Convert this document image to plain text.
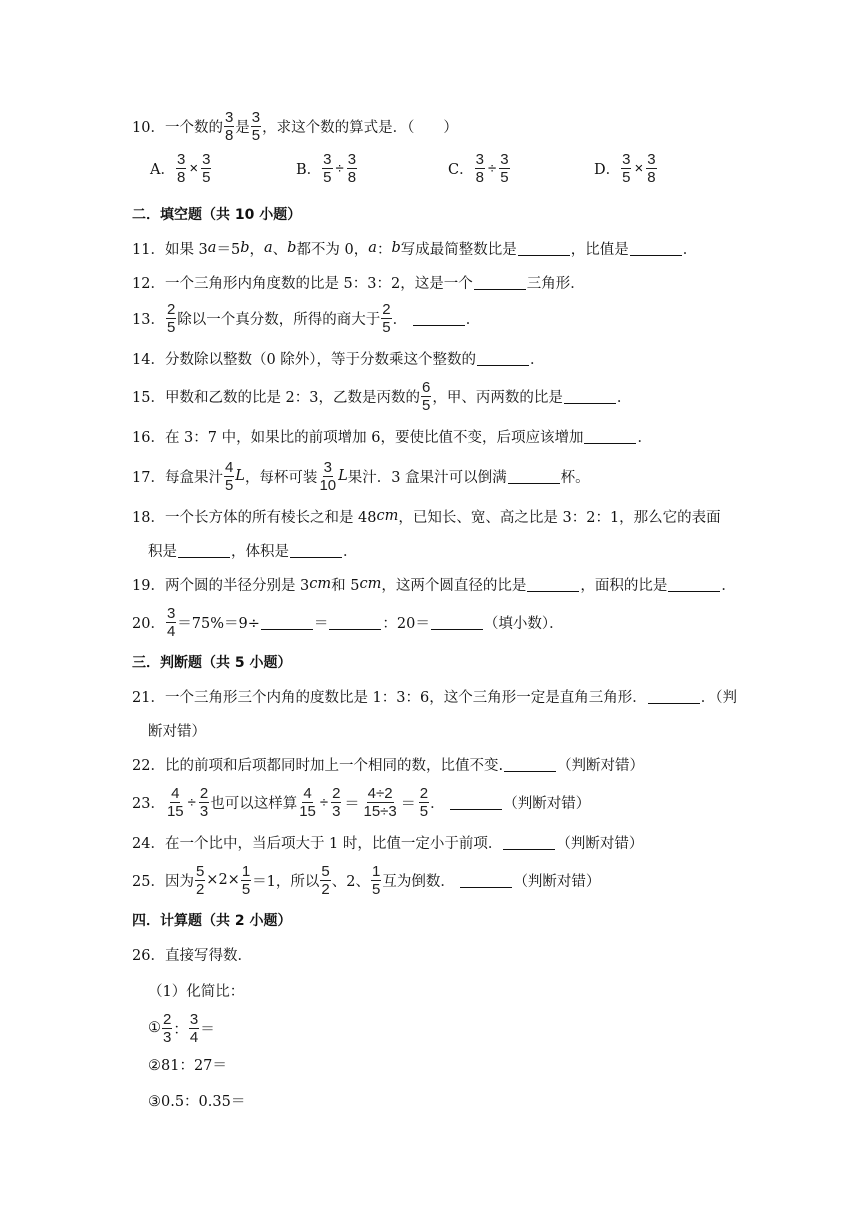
10．一个数的 $\frac{3}{8}$ 是 $\frac{3}{5}$ ，求这个数的算式是．（　　）
A． $\frac{3}{8} \times \frac{3}{5}$	B． $\frac{3}{5} \div \frac{3}{8}$	C． $\frac{3}{8} \div \frac{3}{5}$	D． $\frac{3}{5} \times \frac{3}{8}$
二．填空题（共 10 小题）
11．如果 3 a ＝5 b ， a 、 b 都不为 0， a ： b 写成最简整数比是	，比值是	．
12．一个三角形内角度数的比是 5：3：2，这是一个	三角形．
13． $\frac{2}{5}$ 除以一个真分数，所得的商大于 $\frac{2}{5}$ ．
	．
14．分数除以整数（0 除外），等于分数乘这个整数的	．
15．甲数和乙数的比是 2：3，乙数是丙数的 $\frac{6}{5}$ ，甲、丙两数的比是	．
16．在 3：7 中，如果比的前项增加 6，要使比值不变，后项应该增加	．
17．每盒果汁 $\frac{4}{5}$ L ，每杯可装 $\frac{3}{10}$ L 果汁．3 盒果汁可以倒满	杯。
18．一个长方体的所有棱长之和是 48 cm ，已知长、宽、高之比是 3：2：1，那么它的表面
积是	，体积是	．
19．两个圆的半径分别是 3 cm 和 5 cm ，这两个圆直径的比是	，面积的比是	．
20． $\frac{3}{4} =75\%=9\div$	＝	：20＝	（填小数）．
三．判断题（共 5 小题）
21．一个三角形三个内角的度数比是 1：3：6，这个三角形一定是直角三角形．	．（判
断对错）
22．比的前项和后项都同时加上一个相同的数，比值不变.	（判断对错）
23． $\frac{4}{15} \div \frac{2}{3}$ 也可以这样算 $\frac{4}{15} \div \frac{2}{3} = \frac{4\div 2}{15\div 3} = \frac{2}{5}$ ．
	（判断对错）
24．在一个比中，当后项大于 1 时，比值一定小于前项．	（判断对错）
25．因为 $\frac{5}{2} \times 2\times \frac{1}{5} =1$，所以 $\frac{5}{2}$ 、2、 $\frac{1}{5}$ 互为倒数．
	（判断对错）
四．计算题（共 2 小题）
26．直接写得数．
（1）化简比：
① $\frac{2}{3}$ ： $\frac{3}{4}$ ＝
②81：27＝
③0.5：0.35＝
